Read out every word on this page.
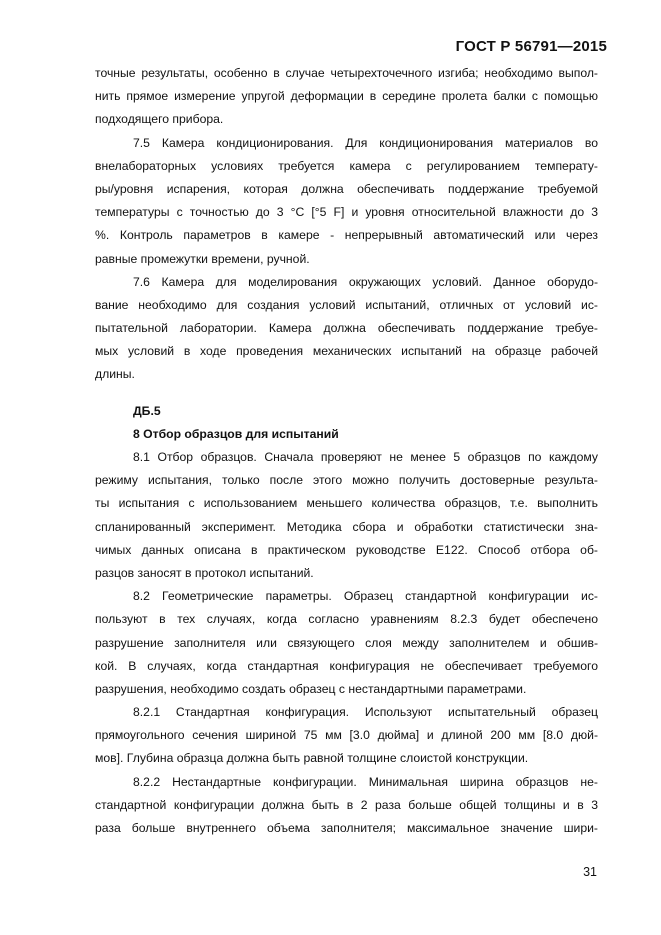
ГОСТ Р 56791—2015
точные результаты, особенно в случае четырехточечного изгиба; необходимо выпол-
нить прямое измерение упругой деформации в середине пролета балки с помощью
подходящего прибора.
7.5 Камера кондиционирования. Для кондиционирования материалов во
внелабораторных условиях требуется камера с регулированием температу-
ры/уровня испарения, которая должна обеспечивать поддержание требуемой
температуры с точностью до 3 °C [°5 F] и уровня относительной влажности до 3
%. Контроль параметров в камере - непрерывный автоматический или через
равные промежутки времени, ручной.
7.6 Камера для моделирования окружающих условий. Данное оборудо-
вание необходимо для создания условий испытаний, отличных от условий ис-
пытательной лаборатории. Камера должна обеспечивать поддержание требуе-
мых условий в ходе проведения механических испытаний на образце рабочей
длины.
ДБ.5
8 Отбор образцов для испытаний
8.1 Отбор образцов. Сначала проверяют не менее 5 образцов по каждому
режиму испытания, только после этого можно получить достоверные результа-
ты испытания с использованием меньшего количества образцов, т.е. выполнить
спланированный эксперимент. Методика сбора и обработки статистически зна-
чимых данных описана в практическом руководстве E122. Способ отбора об-
разцов заносят в протокол испытаний.
8.2 Геометрические параметры. Образец стандартной конфигурации ис-
пользуют в тех случаях, когда согласно уравнениям 8.2.3 будет обеспечено
разрушение заполнителя или связующего слоя между заполнителем и обшив-
кой. В случаях, когда стандартная конфигурация не обеспечивает требуемого
разрушения, необходимо создать образец с нестандартными параметрами.
8.2.1 Стандартная конфигурация. Используют испытательный образец
прямоугольного сечения шириной 75 мм [3.0 дюйма] и длиной 200 мм [8.0 дюй-
мов]. Глубина образца должна быть равной толщине слоистой конструкции.
8.2.2 Нестандартные конфигурации. Минимальная ширина образцов не-
стандартной конфигурации должна быть в 2 раза больше общей толщины и в 3
раза больше внутреннего объема заполнителя; максимальное значение шири-
31
